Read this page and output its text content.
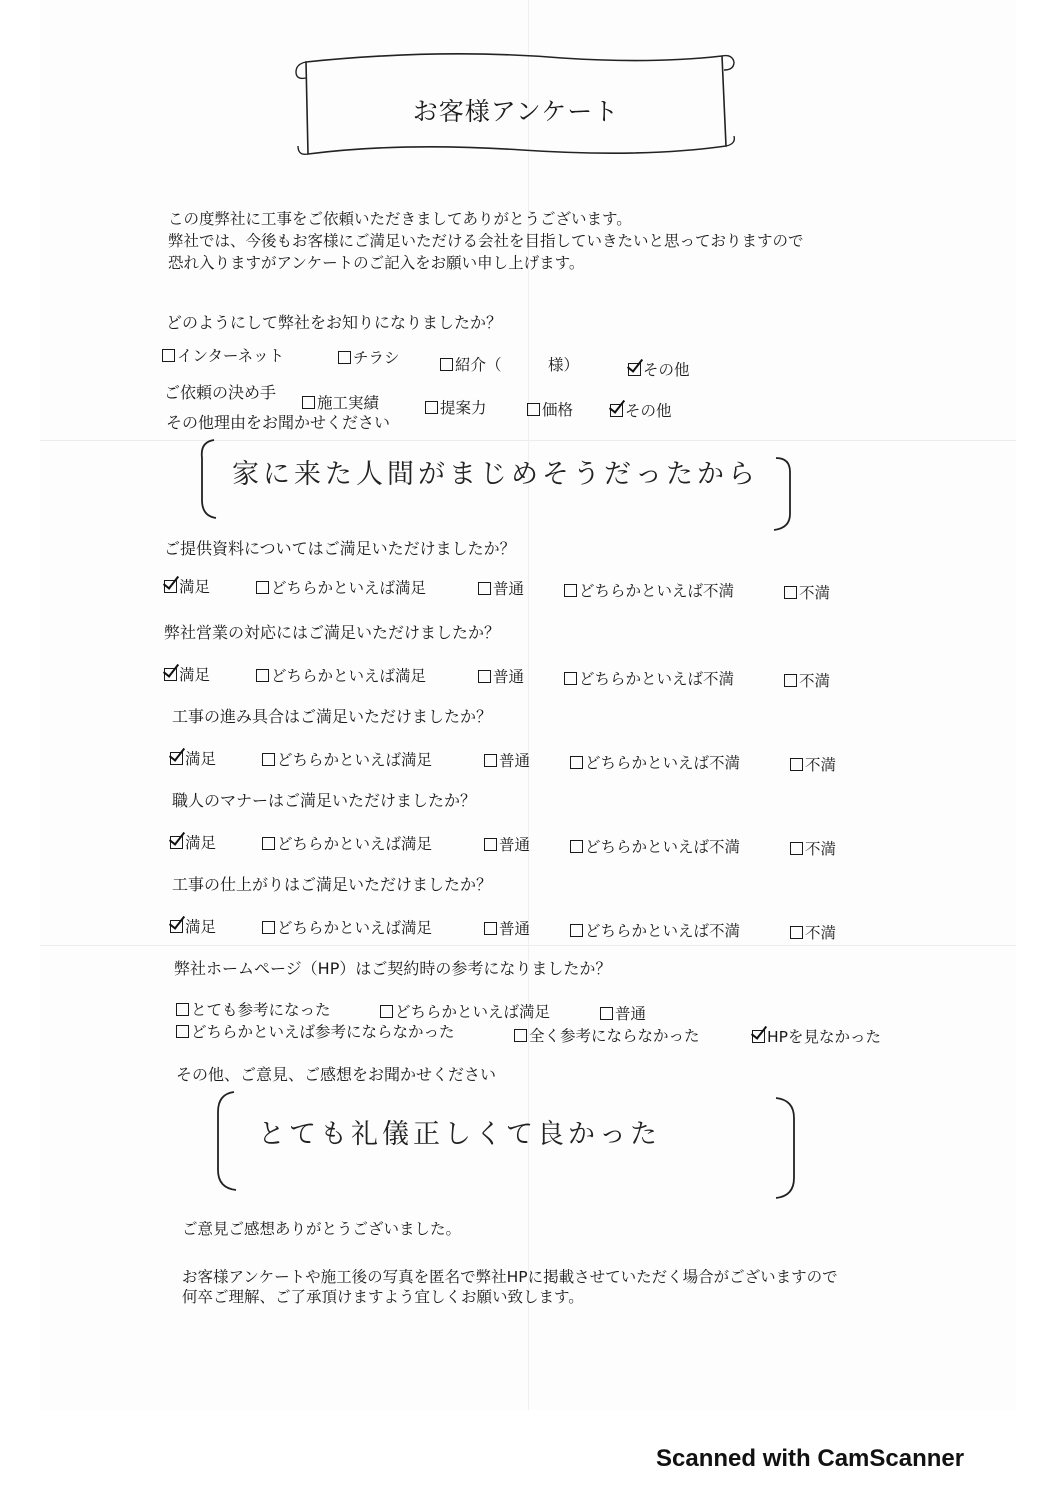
お客様アンケート
この度弊社に工事をご依頼いただきましてありがとうございます。
弊社では、今後もお客様にご満足いただける会社を目指していきたいと思っておりますので
恐れ入りますがアンケートのご記入をお願い申し上げます。
どのようにして弊社をお知りになりましたか？
インターネット	チラシ	紹介（　　　様）	その他
ご依頼の決め手
施工実績	提案力	価格	その他
その他理由をお聞かせください
家に来た人間がまじめそうだったから
ご提供資料についてはご満足いただけましたか？
満足	どちらかといえば満足	普通	どちらかといえば不満	不満
弊社営業の対応にはご満足いただけましたか？
満足	どちらかといえば満足	普通	どちらかといえば不満	不満
工事の進み具合はご満足いただけましたか？
満足	どちらかといえば満足	普通	どちらかといえば不満	不満
職人のマナーはご満足いただけましたか？
満足	どちらかといえば満足	普通	どちらかといえば不満	不満
工事の仕上がりはご満足いただけましたか？
満足	どちらかといえば満足	普通	どちらかといえば不満	不満
弊社ホームページ（HP）はご契約時の参考になりましたか？
とても参考になった	どちらかといえば満足	普通
どちらかといえば参考にならなかった	全く参考にならなかった	HPを見なかった
その他、ご意見、ご感想をお聞かせください
とても礼儀正しくて良かった
ご意見ご感想ありがとうございました。
お客様アンケートや施工後の写真を匿名で弊社HPに掲載させていただく場合がございますので
何卒ご理解、ご了承頂けますよう宜しくお願い致します。
Scanned with CamScanner
